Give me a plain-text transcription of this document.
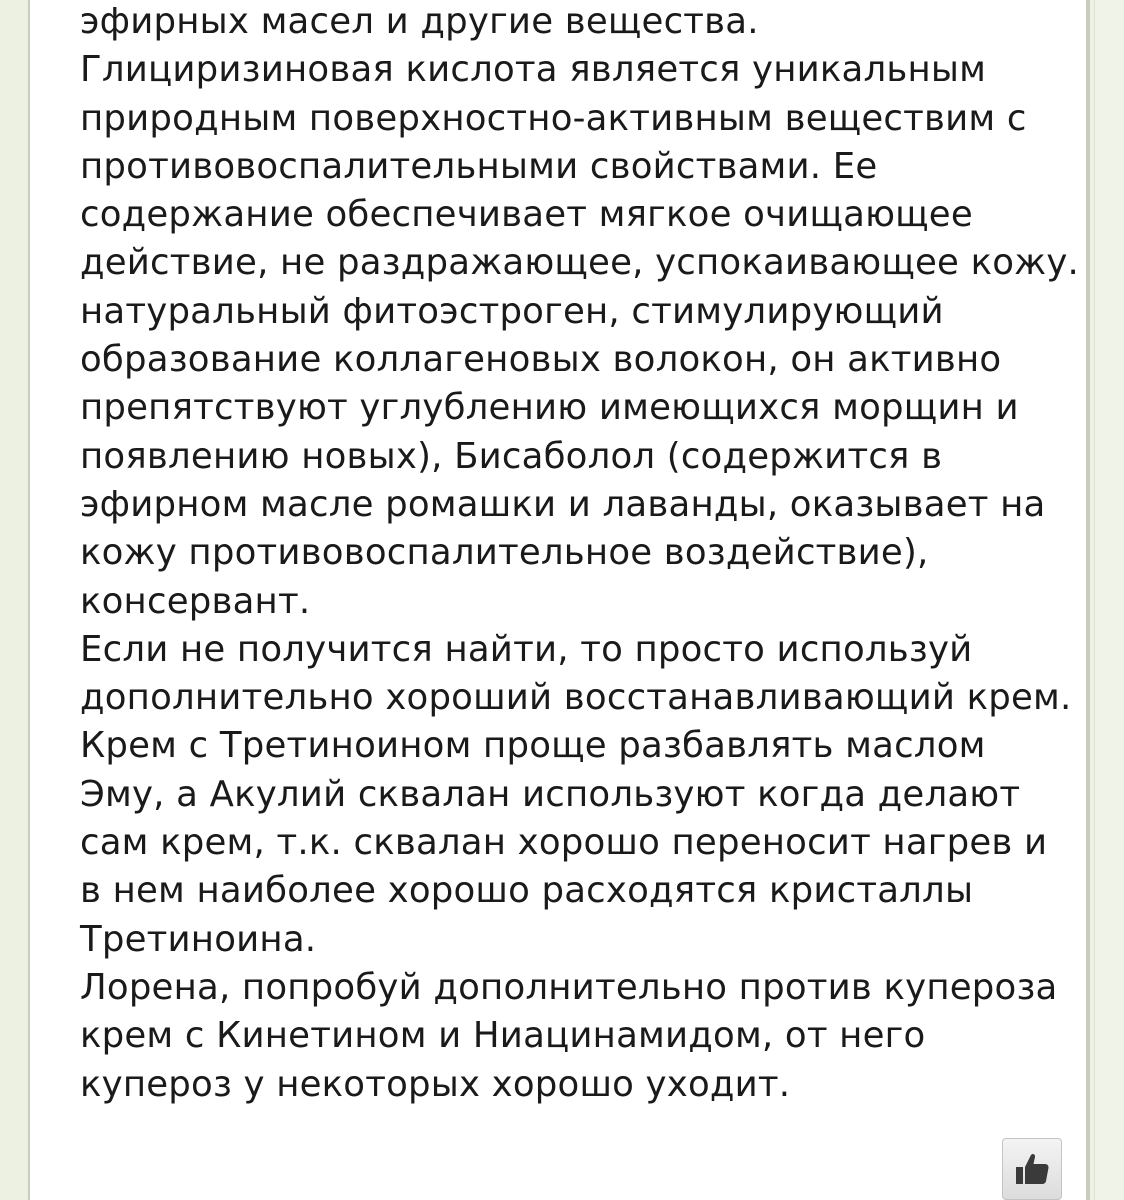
эфирных масел и другие вещества.
Глициризиновая кислота является уникальным
природным поверхностно-активным веществим с
противовоспалительными свойствами. Ее
содержание обеспечивает мягкое очищающее
действие, не раздражающее, успокаивающее кожу.
натуральный фитоэстроген, стимулирующий
образование коллагеновых волокон, он активно
препятствуют углублению имеющихся морщин и
появлению новых), Бисаболол (содержится в
эфирном масле ромашки и лаванды, оказывает на
кожу противовоспалительное воздействие),
консервант.
Если не получится найти, то просто используй
дополнительно хороший восстанавливающий крем.
Крем с Третиноином проще разбавлять маслом
Эму, а Акулий сквалан используют когда делают
сам крем, т.к. сквалан хорошо переносит нагрев и
в нем наиболее хорошо расходятся кристаллы
Третиноина.
Лорена, попробуй дополнительно против купероза
крем с Кинетином и Ниацинамидом, от него
купероз у некоторых хорошо уходит.
